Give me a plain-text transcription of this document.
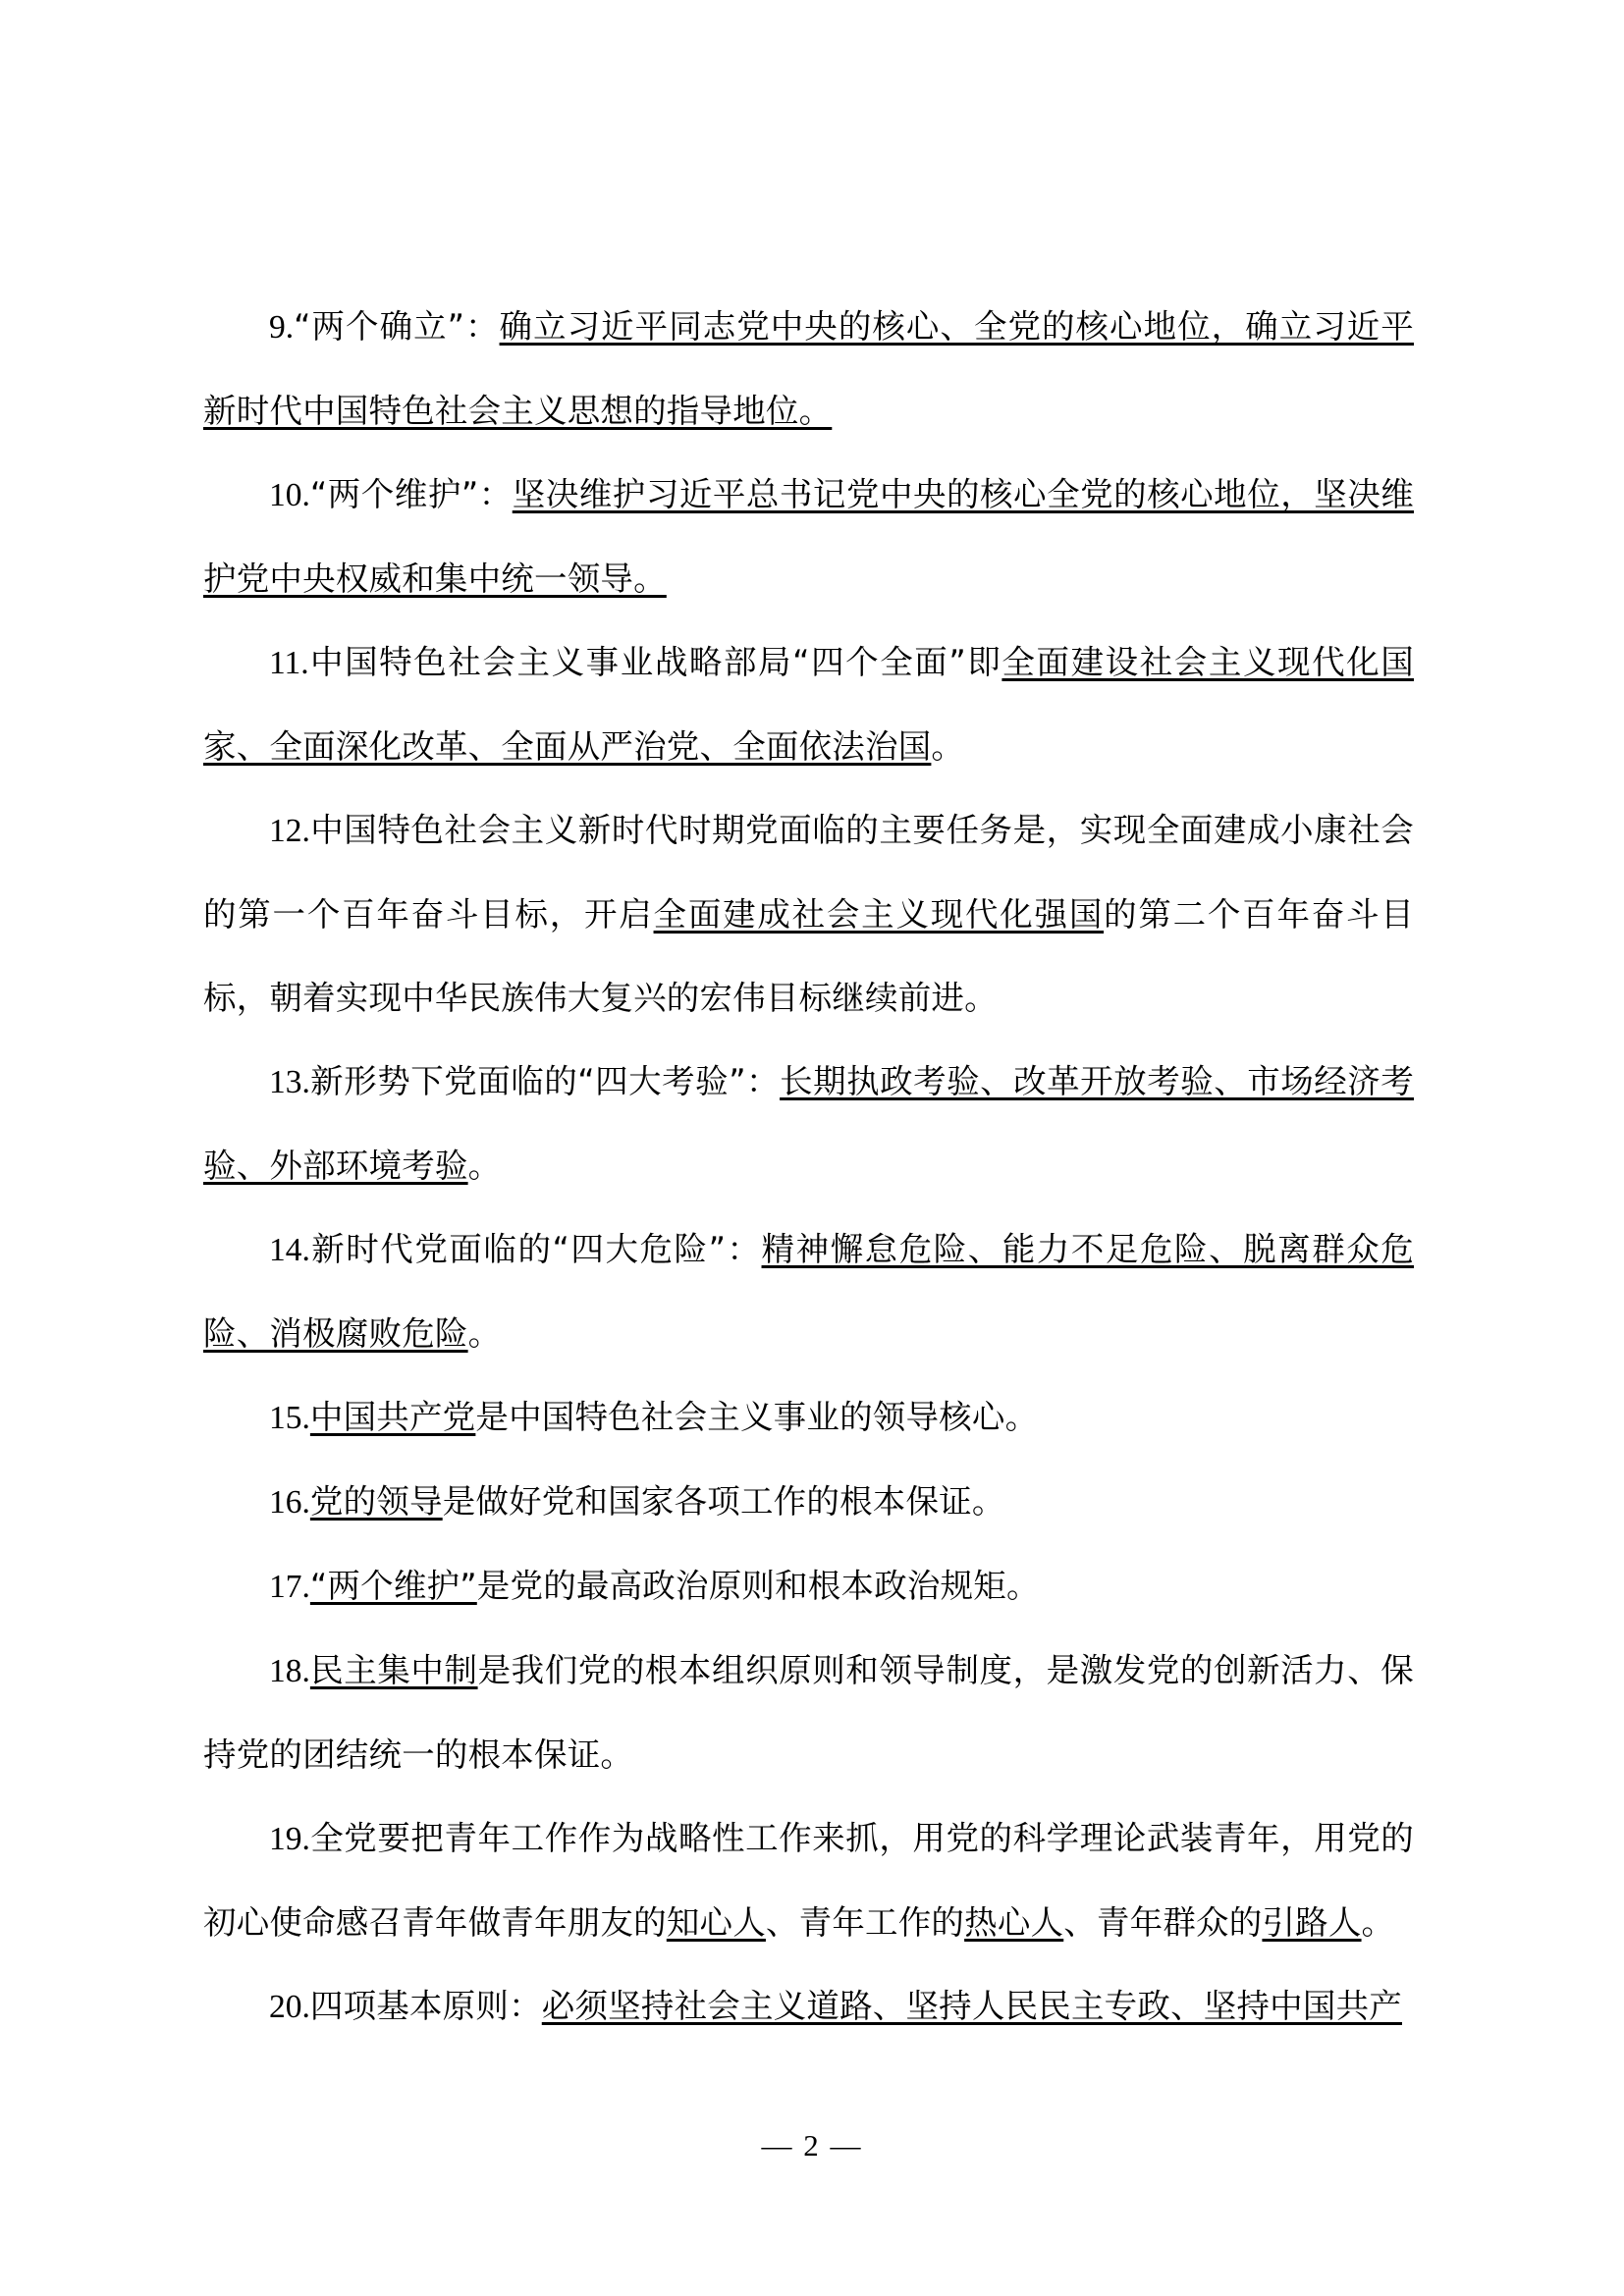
9.“两个确立”：确立习近平同志党中央的核心、全党的核心地位，确立习近平新时代中国特色社会主义思想的指导地位。

10.“两个维护”：坚决维护习近平总书记党中央的核心全党的核心地位，坚决维护党中央权威和集中统一领导。

11.中国特色社会主义事业战略部局“四个全面”即全面建设社会主义现代化国家、全面深化改革、全面从严治党、全面依法治国。

12.中国特色社会主义新时代时期党面临的主要任务是，实现全面建成小康社会的第一个百年奋斗目标，开启全面建成社会主义现代化强国的第二个百年奋斗目标，朝着实现中华民族伟大复兴的宏伟目标继续前进。

13.新形势下党面临的“四大考验”：长期执政考验、改革开放考验、市场经济考验、外部环境考验。

14.新时代党面临的“四大危险”：精神懈怠危险、能力不足危险、脱离群众危险、消极腐败危险。

15.中国共产党是中国特色社会主义事业的领导核心。

16.党的领导是做好党和国家各项工作的根本保证。

17.“两个维护”是党的最高政治原则和根本政治规矩。

18.民主集中制是我们党的根本组织原则和领导制度，是激发党的创新活力、保持党的团结统一的根本保证。

19.全党要把青年工作作为战略性工作来抓，用党的科学理论武装青年，用党的初心使命感召青年做青年朋友的知心人、青年工作的热心人、青年群众的引路人。

20.四项基本原则：必须坚持社会主义道路、坚持人民民主专政、坚持中国共产

— 2 —
